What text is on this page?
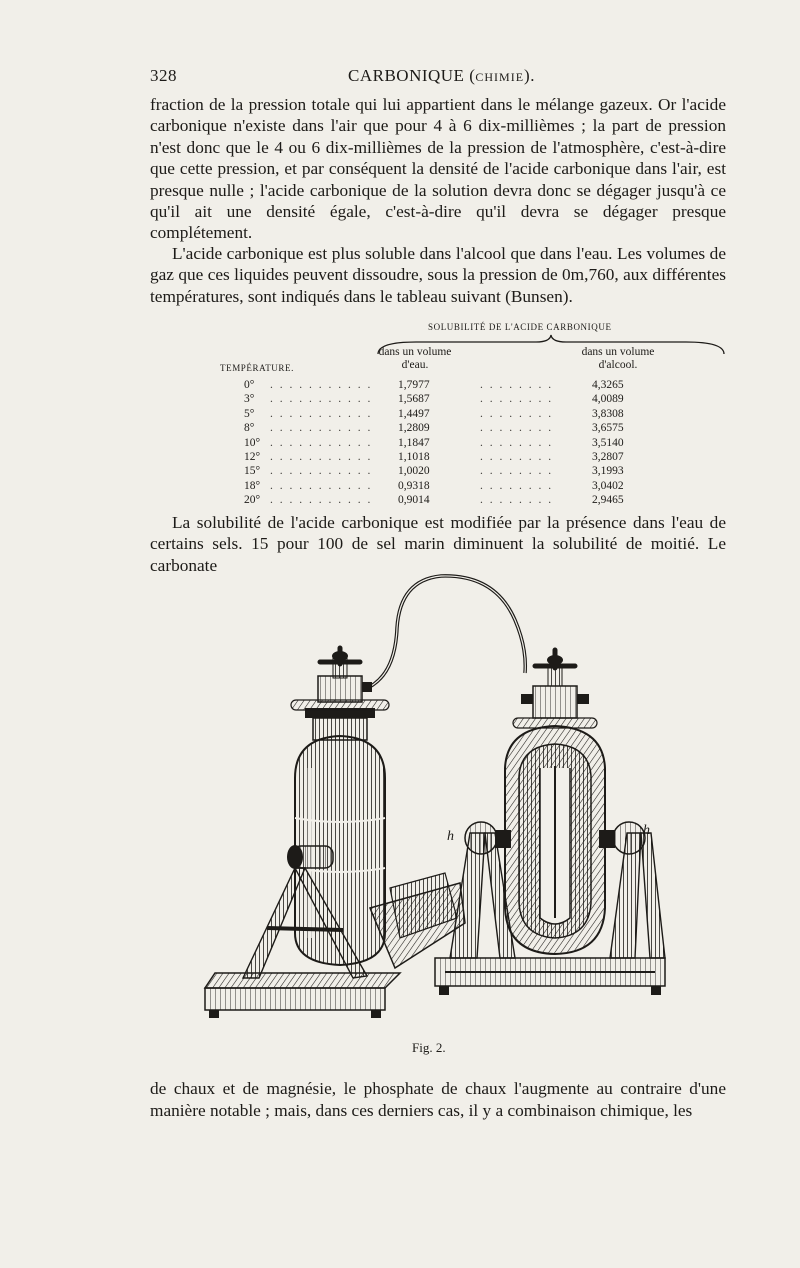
328	CARBONIQUE (CHIMIE).

fraction de la pression totale qui lui appartient dans le mélange gazeux. Or l'acide carbonique n'existe dans l'air que pour 4 à 6 dix-millièmes ; la part de pression n'est donc que le 4 ou 6 dix-millièmes de la pression de l'atmosphère, c'est-à-dire que cette pression, et par conséquent la densité de l'acide carbonique dans l'air, est presque nulle ; l'acide carbonique de la solution devra donc se dégager jusqu'à ce qu'il ait une densité égale, c'est-à-dire qu'il devra se dégager presque complétement.

L'acide carbonique est plus soluble dans l'alcool que dans l'eau. Les volumes de gaz que ces liquides peuvent dissoudre, sous la pression de 0m,760, aux différentes températures, sont indiqués dans le tableau suivant (Bunsen).

SOLUBILITÉ DE L'ACIDE CARBONIQUE
dans un volume
d'eau.
dans un volume
d'alcool.
TEMPÉRATURE.
0°	. . . . . . . . . . . 1,7977	. . . . . . . .	4,3265
3°	. . . . . . . . . . . 1,5687	. . . . . . . .	4,0089
5°	. . . . . . . . . . . 1,4497	. . . . . . . .	3,8308
8°	. . . . . . . . . . . 1,2809	. . . . . . . .	3,6575
10° . . . . . . . . . . . 1,1847	. . . . . . . .	3,5140
12° . . . . . . . . . . . 1,1018	. . . . . . . .	3,2807
15° . . . . . . . . . . . 1,0020	. . . . . . . .	3,1993
18° . . . . . . . . . . . 0,9318	. . . . . . . .	3,0402
20° . . . . . . . . . . . 0,9014	. . . . . . . .	2,9465

La solubilité de l'acide carbonique est modifiée par la présence dans l'eau de certains sels. 15 pour 100 de sel marin diminuent la solubilité de moitié. Le carbonate

h	h
Fig. 2.

de chaux et de magnésie, le phosphate de chaux l'augmente au contraire d'une manière notable ; mais, dans ces derniers cas, il y a combinaison chimique, les
